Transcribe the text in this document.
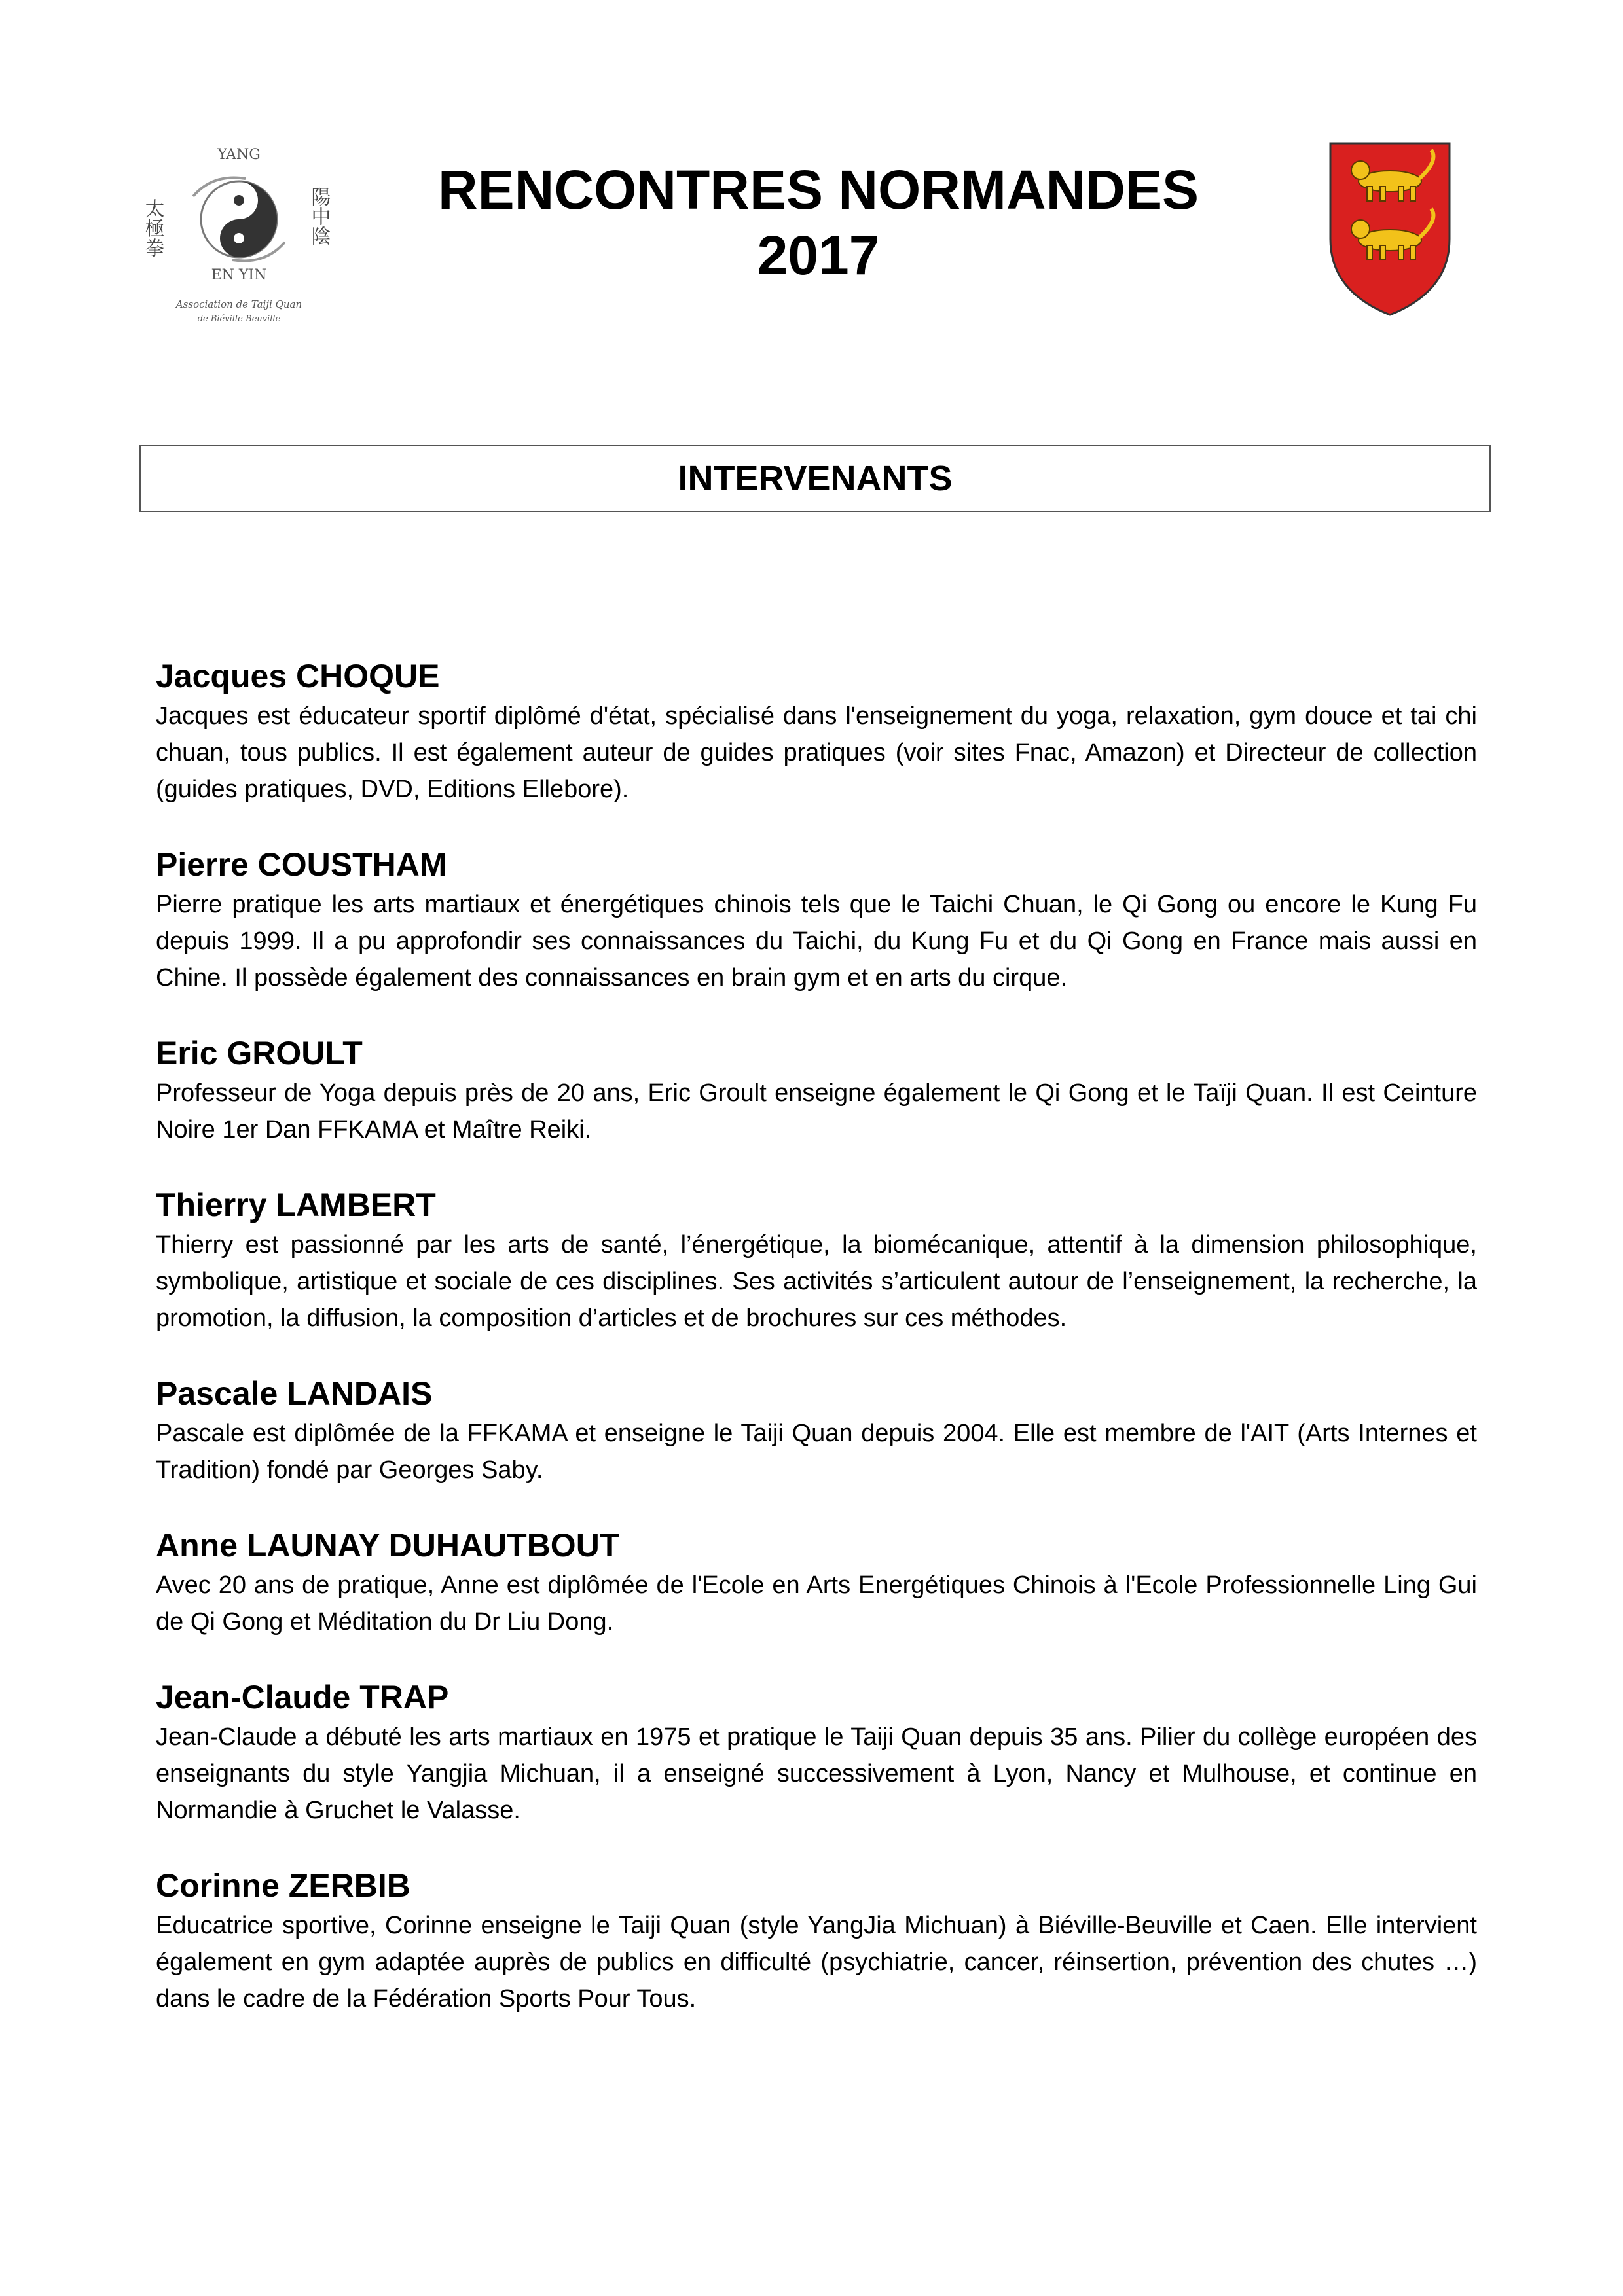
YANG
太極拳	陽中陰
EN YIN
Association de Taiji Quan
de Biéville-Beuville
RENCONTRES NORMANDES 2017
INTERVENANTS
Jacques CHOQUE

Jacques est éducateur sportif diplômé d'état, spécialisé dans l'enseignement du yoga, relaxation, gym douce et tai chi chuan, tous publics. Il est également auteur de guides pratiques (voir sites Fnac, Amazon) et Directeur de collection (guides pratiques, DVD, Editions Ellebore).

Pierre COUSTHAM

Pierre pratique les arts martiaux et énergétiques chinois tels que le Taichi Chuan, le Qi Gong ou encore le Kung Fu depuis 1999. Il a pu approfondir ses connaissances du Taichi, du Kung Fu et du Qi Gong en France mais aussi en Chine. Il possède également des connaissances en brain gym et en arts du cirque.

Eric GROULT

Professeur de Yoga depuis près de 20 ans, Eric Groult enseigne également le Qi Gong et le Taïji Quan. Il est Ceinture Noire 1er Dan FFKAMA et Maître Reiki.

Thierry LAMBERT

Thierry est passionné par les arts de santé, l’énergétique, la biomécanique, attentif à la dimension philosophique, symbolique, artistique et sociale de ces disciplines. Ses activités s’articulent autour de l’enseignement, la recherche, la promotion, la diffusion, la composition d’articles et de brochures sur ces méthodes.

Pascale LANDAIS

Pascale est diplômée de la FFKAMA et enseigne le Taiji Quan depuis 2004. Elle est membre de l'AIT (Arts Internes et Tradition) fondé par Georges Saby.

Anne LAUNAY DUHAUTBOUT

Avec 20 ans de pratique, Anne est diplômée de l'Ecole en Arts Energétiques Chinois à l'Ecole Professionnelle Ling Gui de Qi Gong et Méditation du Dr Liu Dong.

Jean-Claude TRAP

Jean-Claude a débuté les arts martiaux en 1975 et pratique le Taiji Quan depuis 35 ans. Pilier du collège européen des enseignants du style Yangjia Michuan, il a enseigné successivement à Lyon, Nancy et Mulhouse, et continue en Normandie à Gruchet le Valasse.

Corinne ZERBIB

Educatrice sportive, Corinne enseigne le Taiji Quan (style YangJia Michuan) à Biéville-Beuville et Caen. Elle intervient également en gym adaptée auprès de publics en difficulté (psychiatrie, cancer, réinsertion, prévention des chutes …) dans le cadre de la Fédération Sports Pour Tous.
